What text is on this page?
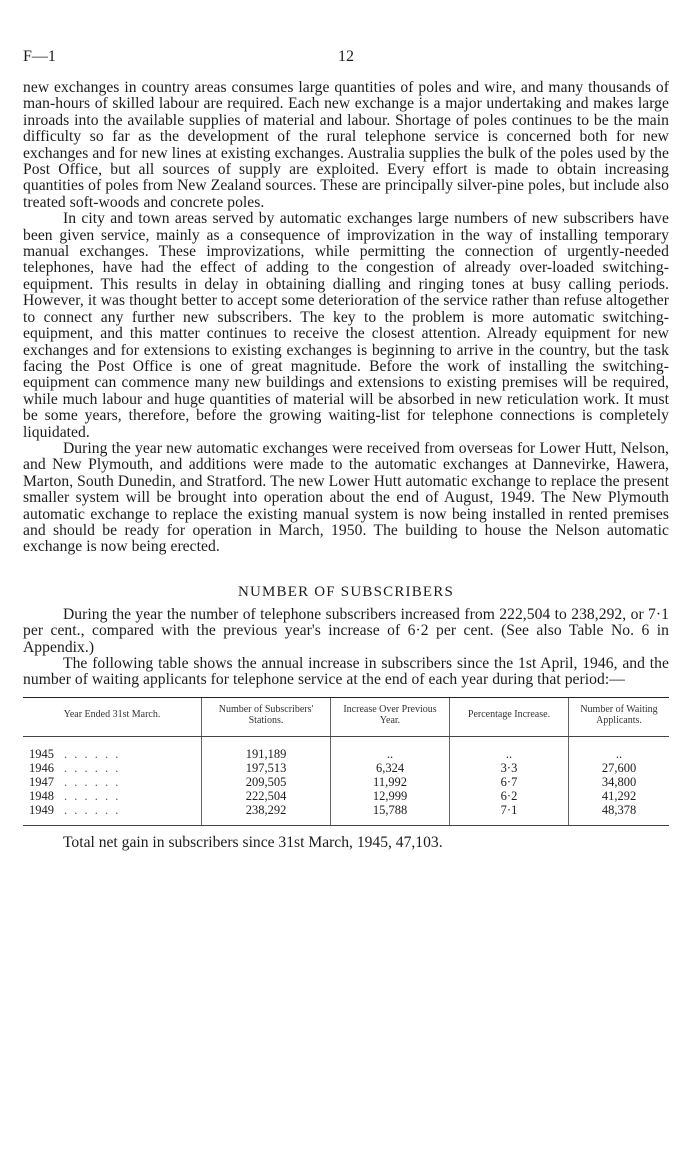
F—1	12

new exchanges in country areas consumes large quantities of poles and wire, and many thousands of man-hours of skilled labour are required. Each new exchange is a major undertaking and makes large inroads into the available supplies of material and labour. Shortage of poles continues to be the main difficulty so far as the development of the rural telephone service is concerned both for new exchanges and for new lines at existing exchanges. Australia supplies the bulk of the poles used by the Post Office, but all sources of supply are exploited. Every effort is made to obtain increasing quantities of poles from New Zealand sources. These are principally silver-pine poles, but include also treated soft-woods and concrete poles.

In city and town areas served by automatic exchanges large numbers of new subscribers have been given service, mainly as a consequence of improvization in the way of installing temporary manual exchanges. These improvizations, while permitting the connection of urgently-needed telephones, have had the effect of adding to the congestion of already over-loaded switching-equipment. This results in delay in obtaining dialling and ringing tones at busy calling periods. However, it was thought better to accept some deterioration of the service rather than refuse altogether to connect any further new subscribers. The key to the problem is more automatic switching-equipment, and this matter continues to receive the closest attention. Already equipment for new exchanges and for extensions to existing exchanges is beginning to arrive in the country, but the task facing the Post Office is one of great magnitude. Before the work of installing the switching-equipment can commence many new buildings and extensions to existing premises will be required, while much labour and huge quantities of material will be absorbed in new reticulation work. It must be some years, therefore, before the growing waiting-list for telephone connections is completely liquidated.

During the year new automatic exchanges were received from overseas for Lower Hutt, Nelson, and New Plymouth, and additions were made to the automatic exchanges at Dannevirke, Hawera, Marton, South Dunedin, and Stratford. The new Lower Hutt automatic exchange to replace the present smaller system will be brought into operation about the end of August, 1949. The New Plymouth automatic exchange to replace the existing manual system is now being installed in rented premises and should be ready for operation in March, 1950. The building to house the Nelson automatic exchange is now being erected.

NUMBER OF SUBSCRIBERS

During the year the number of telephone subscribers increased from 222,504 to 238,292, or 7·1 per cent., compared with the previous year's increase of 6·2 per cent. (See also Table No. 6 in Appendix.)

The following table shows the annual increase in subscribers since the 1st April, 1946, and the number of waiting applicants for telephone service at the end of each year during that period:—

Year Ended 31st March.	Number of Subscribers' Stations.	Increase Over Previous Year.	Percentage Increase.	Number of Waiting Applicants.
1945 . . . . . .	191,189	..	..	..
1946 . . . . . .	197,513	6,324	3·3	27,600
1947 . . . . . .	209,505	11,992	6·7	34,800
1948 . . . . . .	222,504	12,999	6·2	41,292
1949 . . . . . .	238,292	15,788	7·1	48,378
Total net gain in subscribers since 31st March, 1945, 47,103.
